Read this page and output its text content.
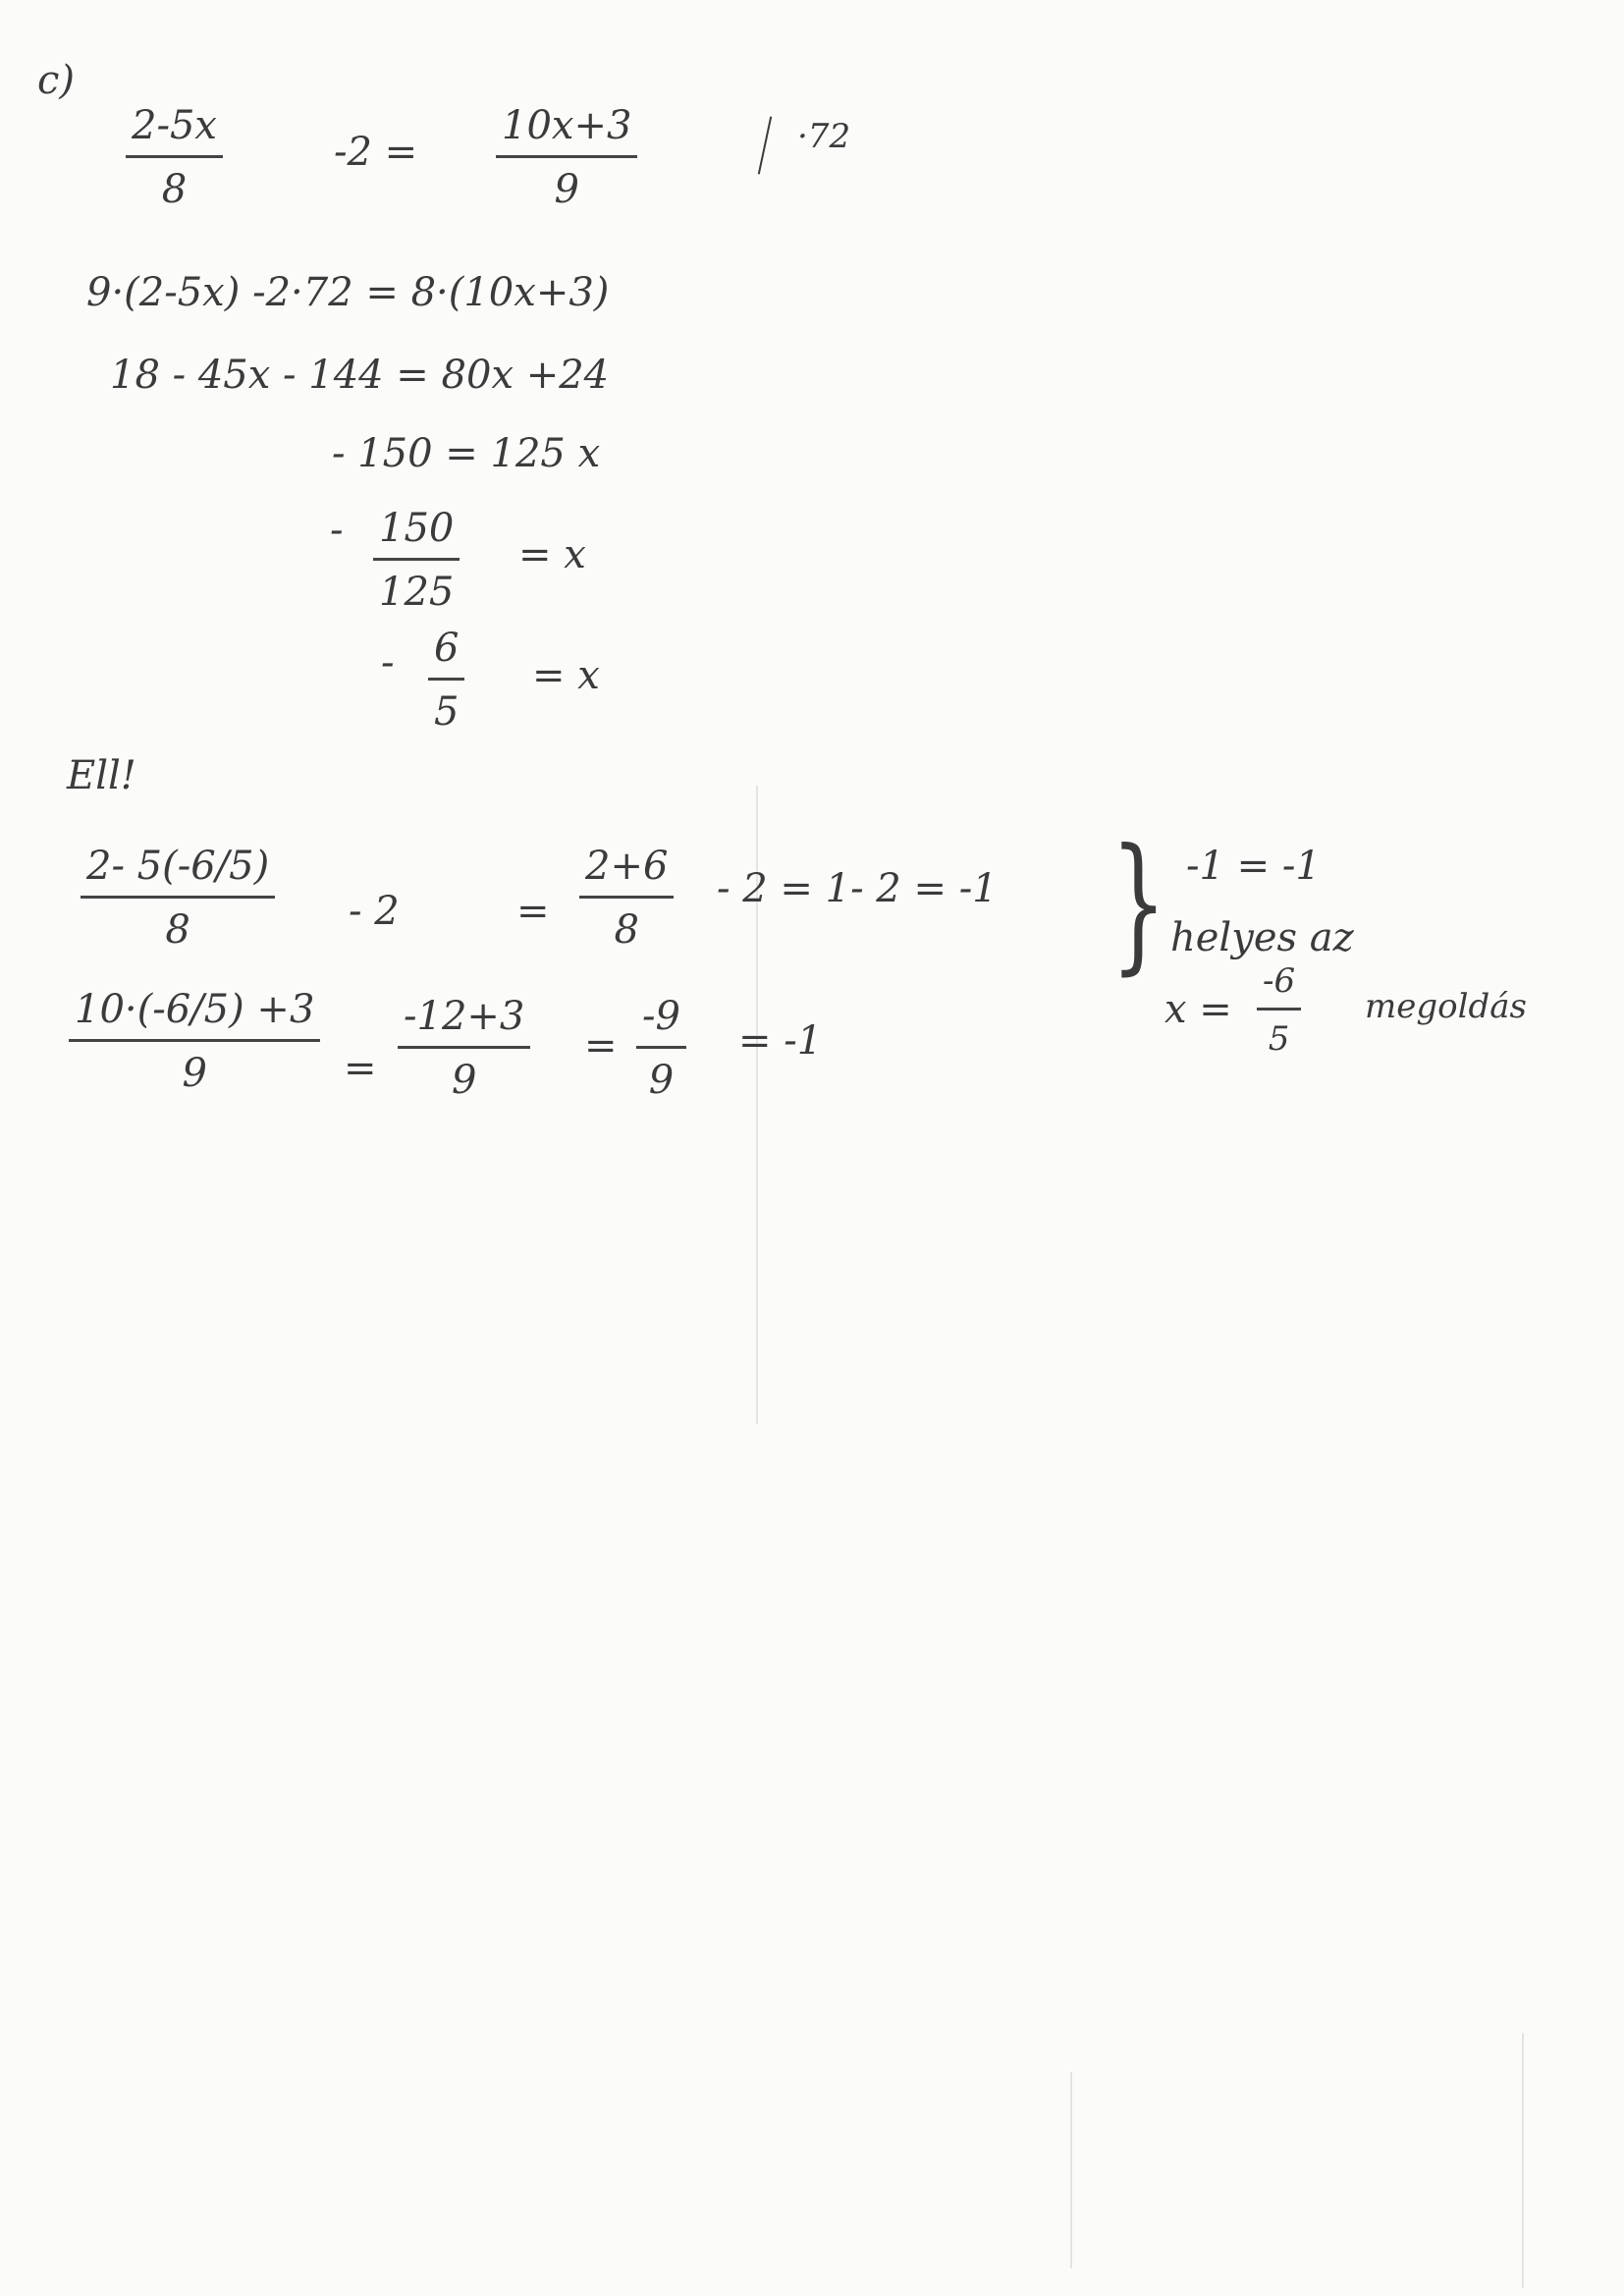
c)
$\frac{2-5x}{8}$	$-2 = \frac{10x+3}{9}$	·72
9·(2-5x) -2·72 = 8·(10x+3)
18 - 45x - 144 = 80x +24
- 150 = 125 x
- $\frac{150}{125} = x$
- $\frac{6}{5} = x$
Ell!
$\frac{2- 5(-6/5)}{8} - 2$	= $\frac{2+6}{8} - 2 = 1-$ 2 = -1
$\frac{10\cdot(-6/5) +3}{9} = \frac{-12+3}{9} = \frac{-9}{9} = -1$
} -1 = -1
helyes az
$x = \frac{-6}{5}$ megoldás
